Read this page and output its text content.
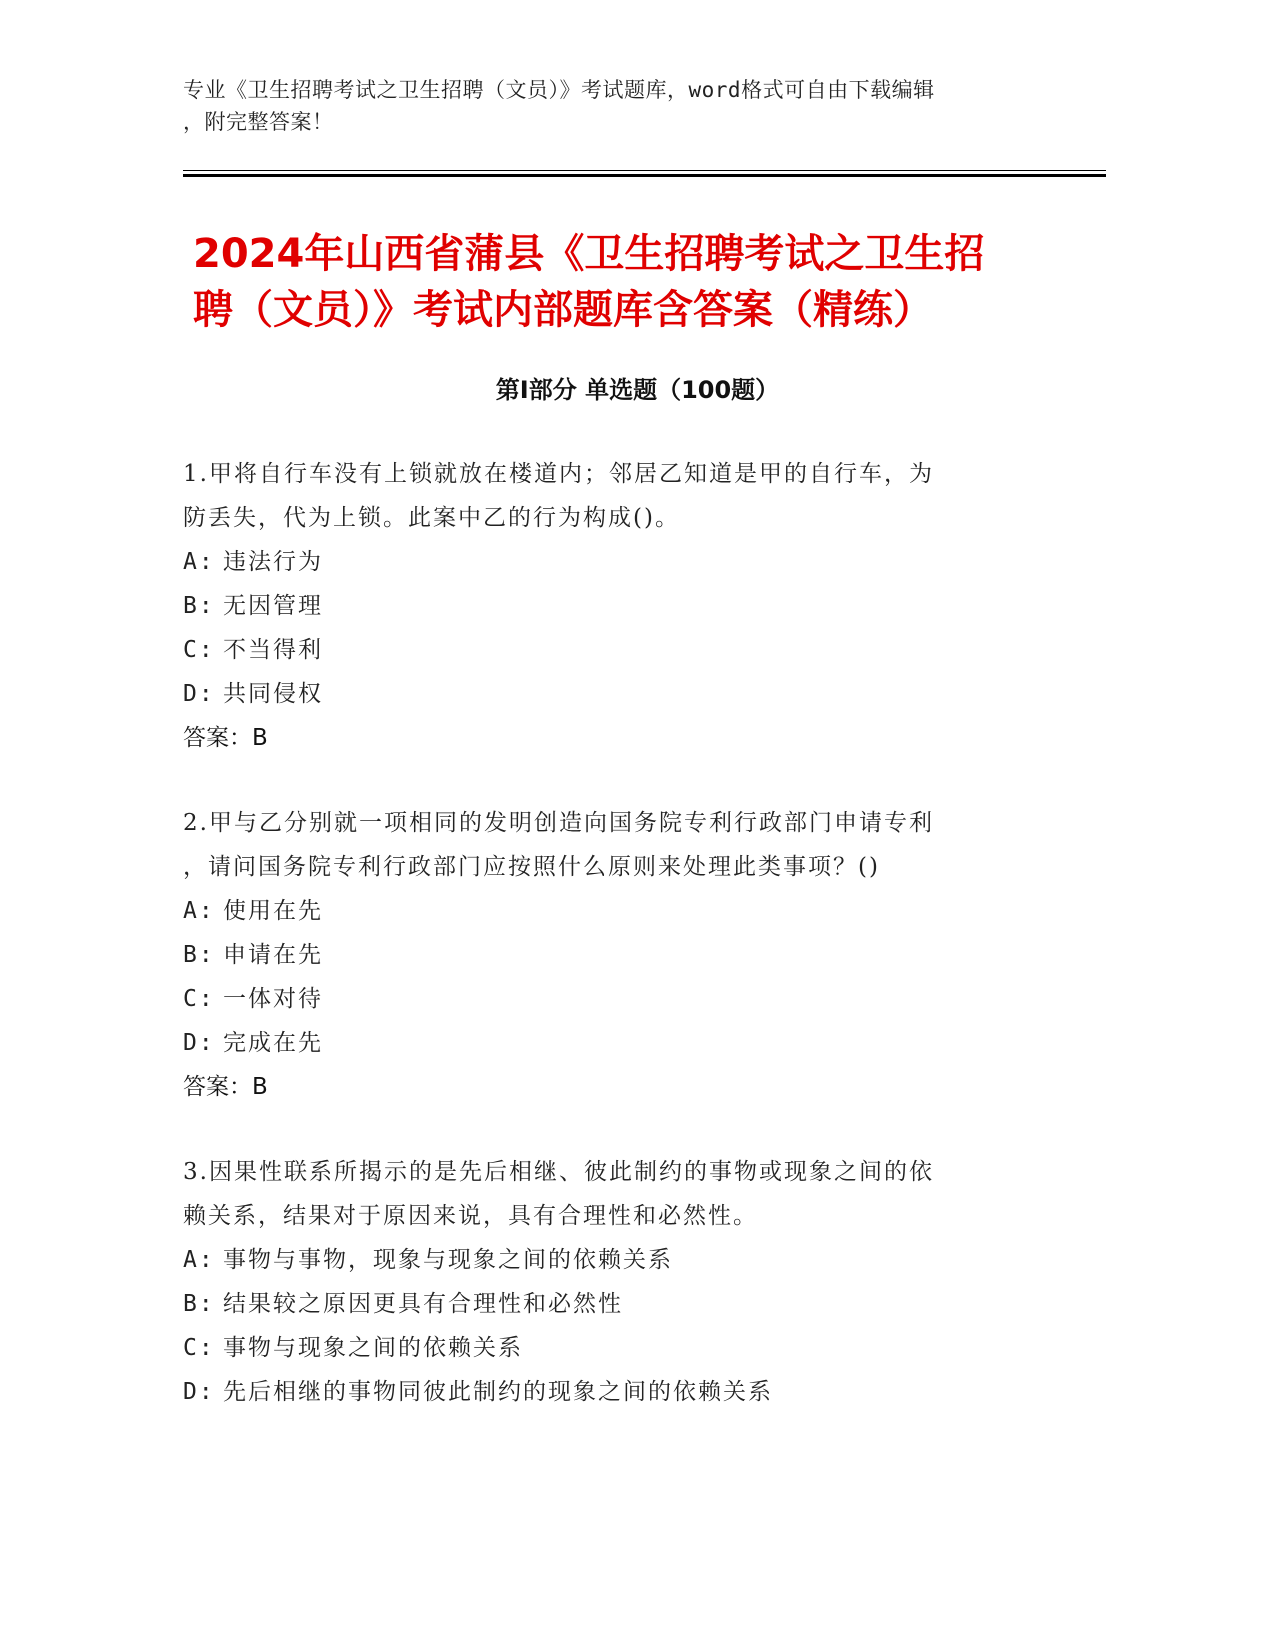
专业《卫生招聘考试之卫生招聘（文员）》考试题库，word格式可自由下载编辑
，附完整答案！
2024年山西省蒲县《卫生招聘考试之卫生招
聘（文员）》考试内部题库含答案（精练）
第Ⅰ部分 单选题（100题）
1.甲将自行车没有上锁就放在楼道内；邻居乙知道是甲的自行车，为
防丢失，代为上锁。此案中乙的行为构成()。
A: 违法行为
B: 无因管理
C: 不当得利
D: 共同侵权
答案：B
2.甲与乙分别就一项相同的发明创造向国务院专利行政部门申请专利
，请问国务院专利行政部门应按照什么原则来处理此类事项？()
A: 使用在先
B: 申请在先
C: 一体对待
D: 完成在先
答案：B
3.因果性联系所揭示的是先后相继、彼此制约的事物或现象之间的依
赖关系，结果对于原因来说，具有合理性和必然性。
A: 事物与事物，现象与现象之间的依赖关系
B: 结果较之原因更具有合理性和必然性
C: 事物与现象之间的依赖关系
D: 先后相继的事物同彼此制约的现象之间的依赖关系
